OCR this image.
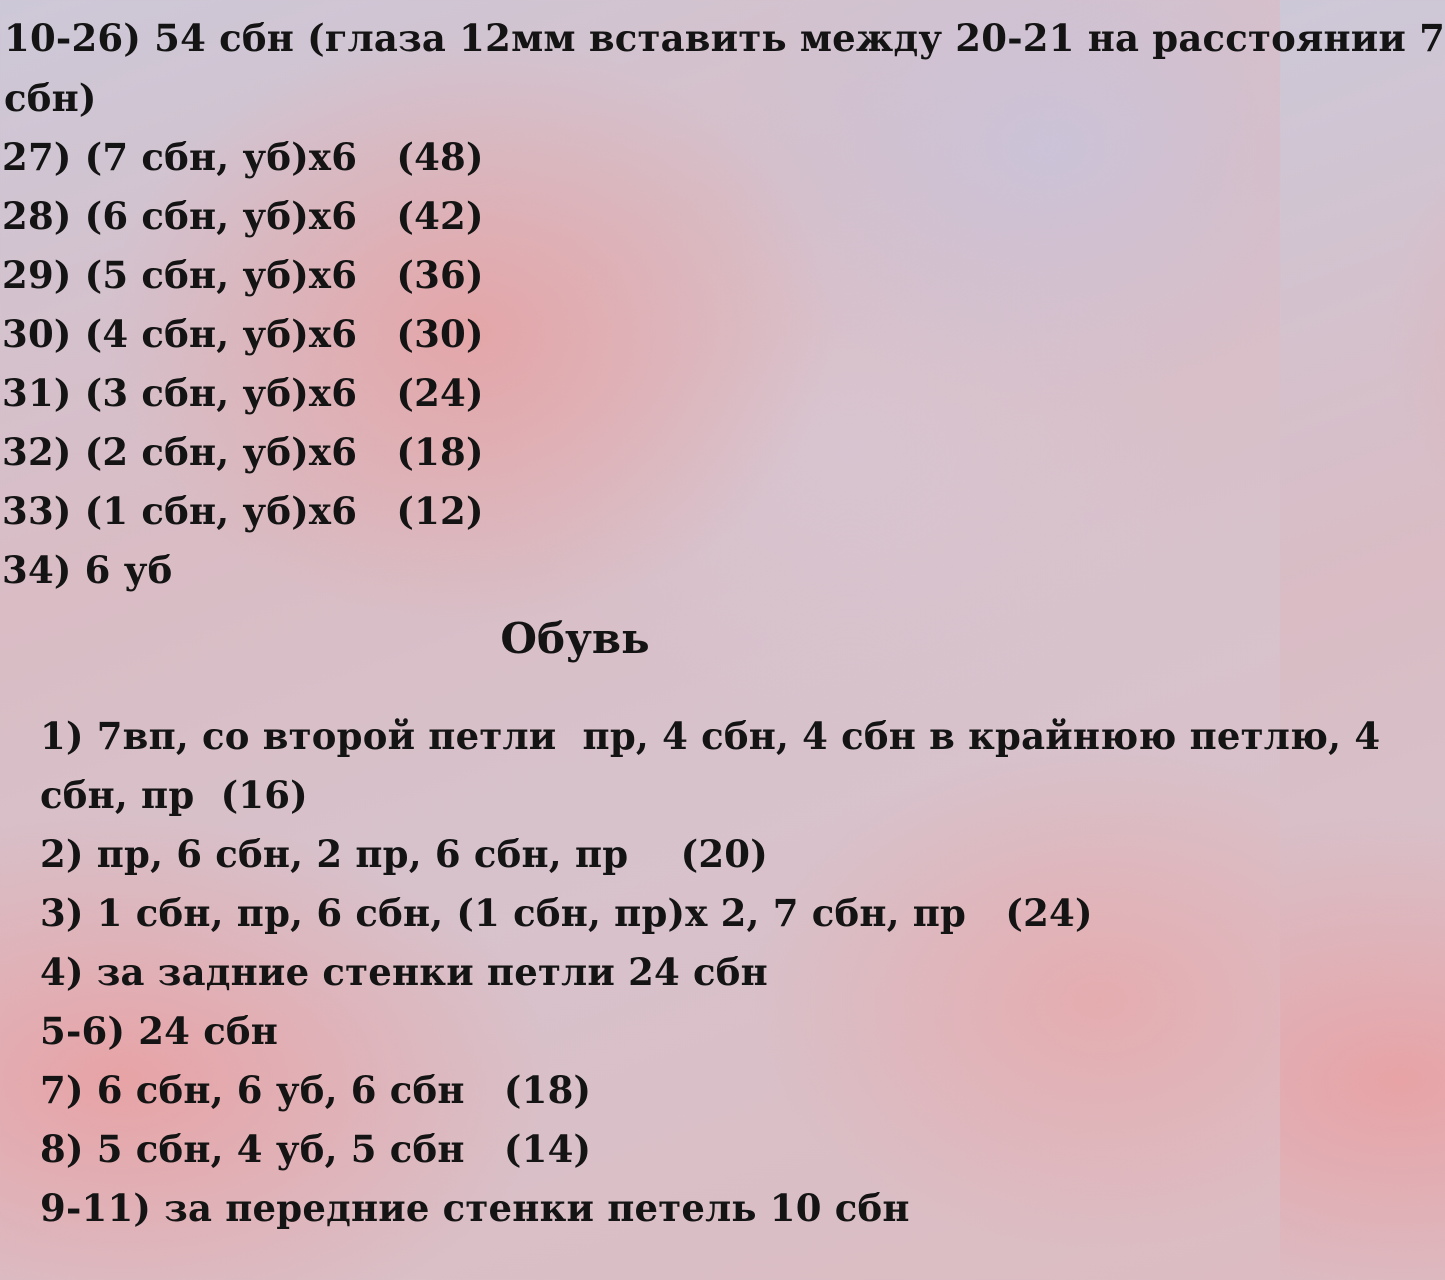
10-26) 54 сбн (глаза 12мм вставить между 20-21 на расстоянии 7
сбн)
27) (7 сбн, уб)х6   (48)
28) (6 сбн, уб)х6   (42)
29) (5 сбн, уб)х6   (36)
30) (4 сбн, уб)х6   (30)
31) (3 сбн, уб)х6   (24)
32) (2 сбн, уб)х6   (18)
33) (1 сбн, уб)х6   (12)
34) 6 уб
Обувь
1) 7вп, со второй петли  пр, 4 сбн, 4 сбн в крайнюю петлю, 4
сбн, пр  (16)
2) пр, 6 сбн, 2 пр, 6 сбн, пр    (20)
3) 1 сбн, пр, 6 сбн, (1 сбн, пр)х 2, 7 сбн, пр   (24)
4) за задние стенки петли 24 сбн
5-6) 24 сбн
7) 6 сбн, 6 уб, 6 сбн   (18)
8) 5 сбн, 4 уб, 5 сбн   (14)
9-11) за передние стенки петель 10 сбн
